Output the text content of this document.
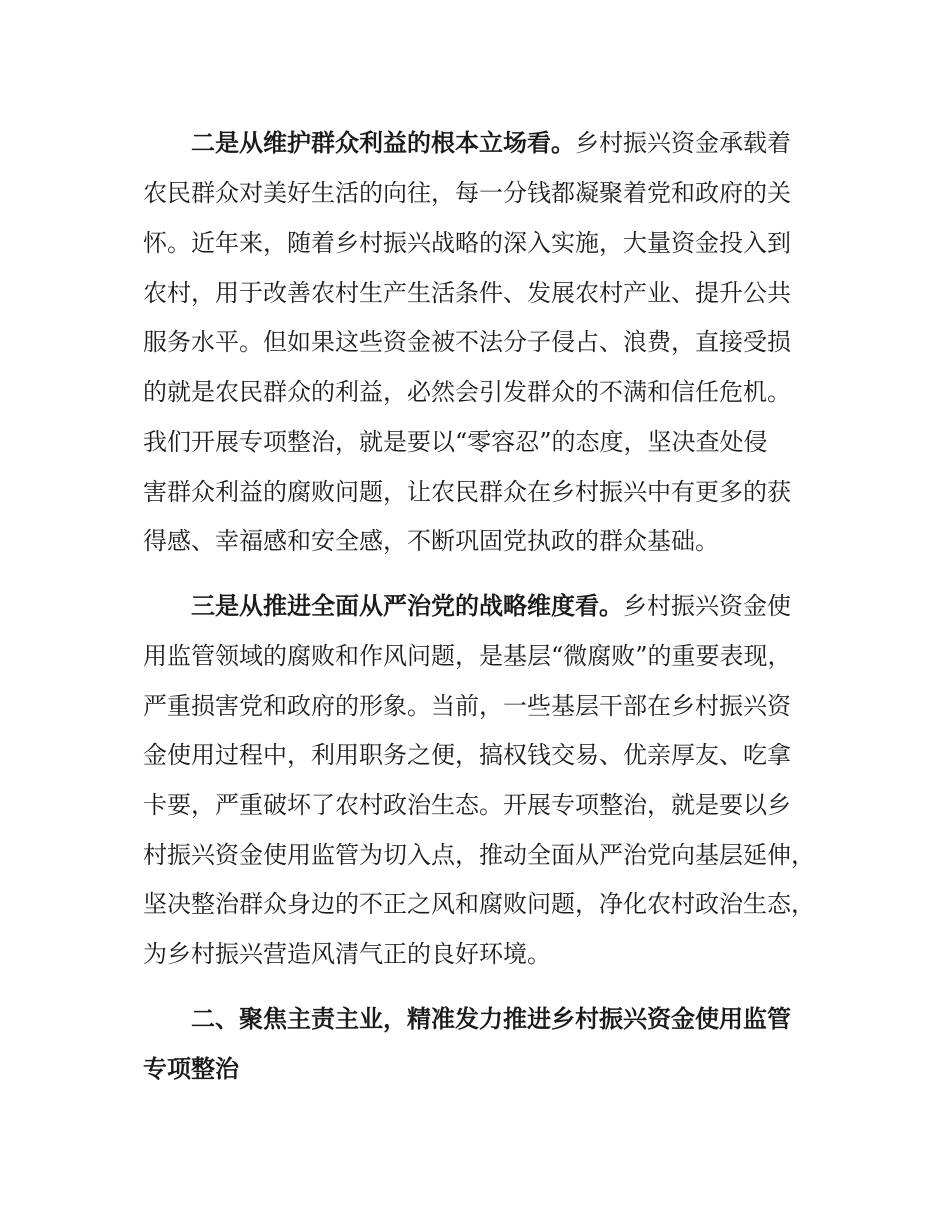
二是从维护群众利益的根本立场看。乡村振兴资金承载着
农民群众对美好生活的向往，每一分钱都凝聚着党和政府的关
怀。近年来，随着乡村振兴战略的深入实施，大量资金投入到
农村，用于改善农村生产生活条件、发展农村产业、提升公共
服务水平。但如果这些资金被不法分子侵占、浪费，直接受损
的就是农民群众的利益，必然会引发群众的不满和信任危机。
我们开展专项整治，就是要以“零容忍”的态度，坚决查处侵
害群众利益的腐败问题，让农民群众在乡村振兴中有更多的获
得感、幸福感和安全感，不断巩固党执政的群众基础。
三是从推进全面从严治党的战略维度看。乡村振兴资金使
用监管领域的腐败和作风问题，是基层“微腐败”的重要表现，
严重损害党和政府的形象。当前，一些基层干部在乡村振兴资
金使用过程中，利用职务之便，搞权钱交易、优亲厚友、吃拿
卡要，严重破坏了农村政治生态。开展专项整治，就是要以乡
村振兴资金使用监管为切入点，推动全面从严治党向基层延伸，
坚决整治群众身边的不正之风和腐败问题，净化农村政治生态，
为乡村振兴营造风清气正的良好环境。
二、聚焦主责主业，精准发力推进乡村振兴资金使用监管
专项整治
